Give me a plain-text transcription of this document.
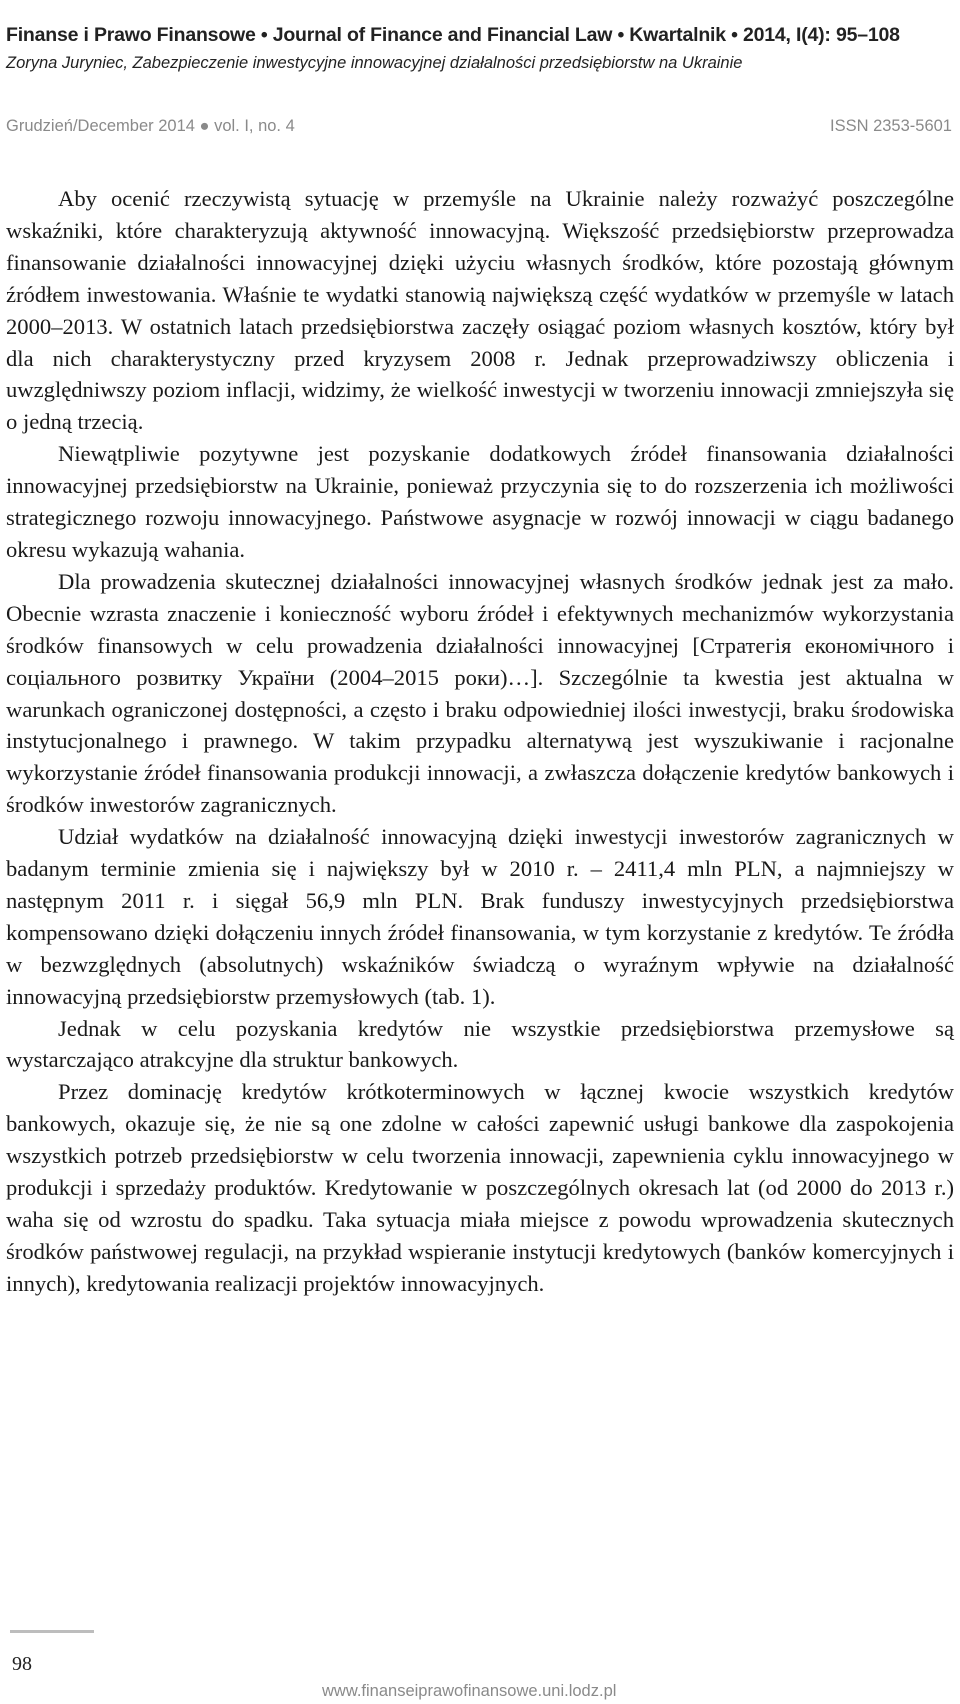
Finanse i Prawo Finansowe • Journal of Finance and Financial Law • Kwartalnik • 2014, I(4): 95–108
Zoryna Juryniec, Zabezpieczenie inwestycyjne innowacyjnej działalności przedsiębiorstw na Ukrainie
Grudzień/December 2014 ● vol. I, no. 4	ISSN 2353-5601

Aby ocenić rzeczywistą sytuację w przemyśle na Ukrainie należy rozważyć poszczególne wskaźniki, które charakteryzują aktywność innowacyjną. Większość przedsiębiorstw przeprowadza finansowanie działalności innowacyjnej dzięki użyciu własnych środków, które pozostają głównym źródłem inwestowania. Właśnie te wydatki stanowią największą część wydatków w przemyśle w latach 2000–2013. W ostatnich latach przedsiębiorstwa zaczęły osiągać poziom własnych kosztów, który był dla nich charakterystyczny przed kryzysem 2008 r. Jednak przeprowadziwszy obliczenia i uwzględniwszy poziom inflacji, widzimy, że wielkość inwestycji w tworzeniu innowacji zmniejszyła się o jedną trzecią.

Niewątpliwie pozytywne jest pozyskanie dodatkowych źródeł finansowania działalności innowacyjnej przedsiębiorstw na Ukrainie, ponieważ przyczynia się to do rozszerzenia ich możliwości strategicznego rozwoju innowacyjnego. Państwowe asygnacje w rozwój innowacji w ciągu badanego okresu wykazują wahania.

Dla prowadzenia skutecznej działalności innowacyjnej własnych środków jednak jest za mało. Obecnie wzrasta znaczenie i konieczność wyboru źródeł i efektywnych mechanizmów wykorzystania środków finansowych w celu prowadzenia działalności innowacyjnej [Стратегія економічного і соціального розвитку України (2004–2015 роки)…]. Szczególnie ta kwestia jest aktualna w warunkach ograniczonej dostępności, a często i braku odpowiedniej ilości inwestycji, braku środowiska instytucjonalnego i prawnego. W takim przypadku alternatywą jest wyszukiwanie i racjonalne wykorzystanie źródeł finansowania produkcji innowacji, a zwłaszcza dołączenie kredytów bankowych i środków inwestorów zagranicznych.

Udział wydatków na działalność innowacyjną dzięki inwestycji inwestorów zagranicznych w badanym terminie zmienia się i największy był w 2010 r. – 2411,4 mln PLN, a najmniejszy w następnym 2011 r. i sięgał 56,9 mln PLN. Brak funduszy inwestycyjnych przedsiębiorstwa kompensowano dzięki dołączeniu innych źródeł finansowania, w tym korzystanie z kredytów. Te źródła w bezwzględnych (absolutnych) wskaźników świadczą o wyraźnym wpływie na działalność innowacyjną przedsiębiorstw przemysłowych (tab. 1).

Jednak w celu pozyskania kredytów nie wszystkie przedsiębiorstwa przemysłowe są wystarczająco atrakcyjne dla struktur bankowych.

Przez dominację kredytów krótkoterminowych w łącznej kwocie wszystkich kredytów bankowych, okazuje się, że nie są one zdolne w całości zapewnić usługi bankowe dla zaspokojenia wszystkich potrzeb przedsiębiorstw w celu tworzenia innowacji, zapewnienia cyklu innowacyjnego w produkcji i sprzedaży produktów. Kredytowanie w poszczególnych okresach lat (od 2000 do 2013 r.) waha się od wzrostu do spadku. Taka sytuacja miała miejsce z powodu wprowadzenia skutecznych środków państwowej regulacji, na przykład wspieranie instytucji kredytowych (banków komercyjnych i innych), kredytowania realizacji projektów innowacyjnych.

98
www.finanseiprawofinansowe.uni.lodz.pl
